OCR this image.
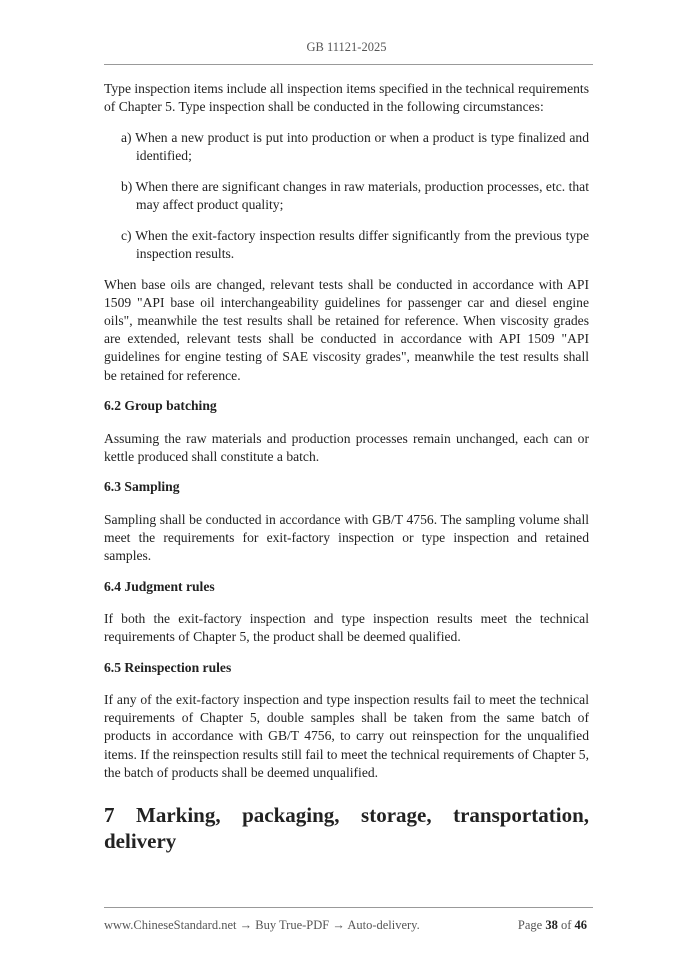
GB 11121-2025

Type inspection items include all inspection items specified in the technical requirements of Chapter 5. Type inspection shall be conducted in the following circumstances:

a) When a new product is put into production or when a product is type finalized and identified;
b) When there are significant changes in raw materials, production processes, etc. that may affect product quality;
c) When the exit-factory inspection results differ significantly from the previous type inspection results.

When base oils are changed, relevant tests shall be conducted in accordance with API 1509 "API base oil interchangeability guidelines for passenger car and diesel engine oils", meanwhile the test results shall be retained for reference. When viscosity grades are extended, relevant tests shall be conducted in accordance with API 1509 "API guidelines for engine testing of SAE viscosity grades", meanwhile the test results shall be retained for reference.

6.2 Group batching

Assuming the raw materials and production processes remain unchanged, each can or kettle produced shall constitute a batch.

6.3 Sampling

Sampling shall be conducted in accordance with GB/T 4756. The sampling volume shall meet the requirements for exit-factory inspection or type inspection and retained samples.

6.4 Judgment rules

If both the exit-factory inspection and type inspection results meet the technical requirements of Chapter 5, the product shall be deemed qualified.

6.5 Reinspection rules

If any of the exit-factory inspection and type inspection results fail to meet the technical requirements of Chapter 5, double samples shall be taken from the same batch of products in accordance with GB/T 4756, to carry out reinspection for the unqualified items. If the reinspection results still fail to meet the technical requirements of Chapter 5, the batch of products shall be deemed unqualified.

7 Marking, packaging, storage, transportation, delivery
www.ChineseStandard.net → Buy True-PDF → Auto-delivery.	Page 38 of 46
